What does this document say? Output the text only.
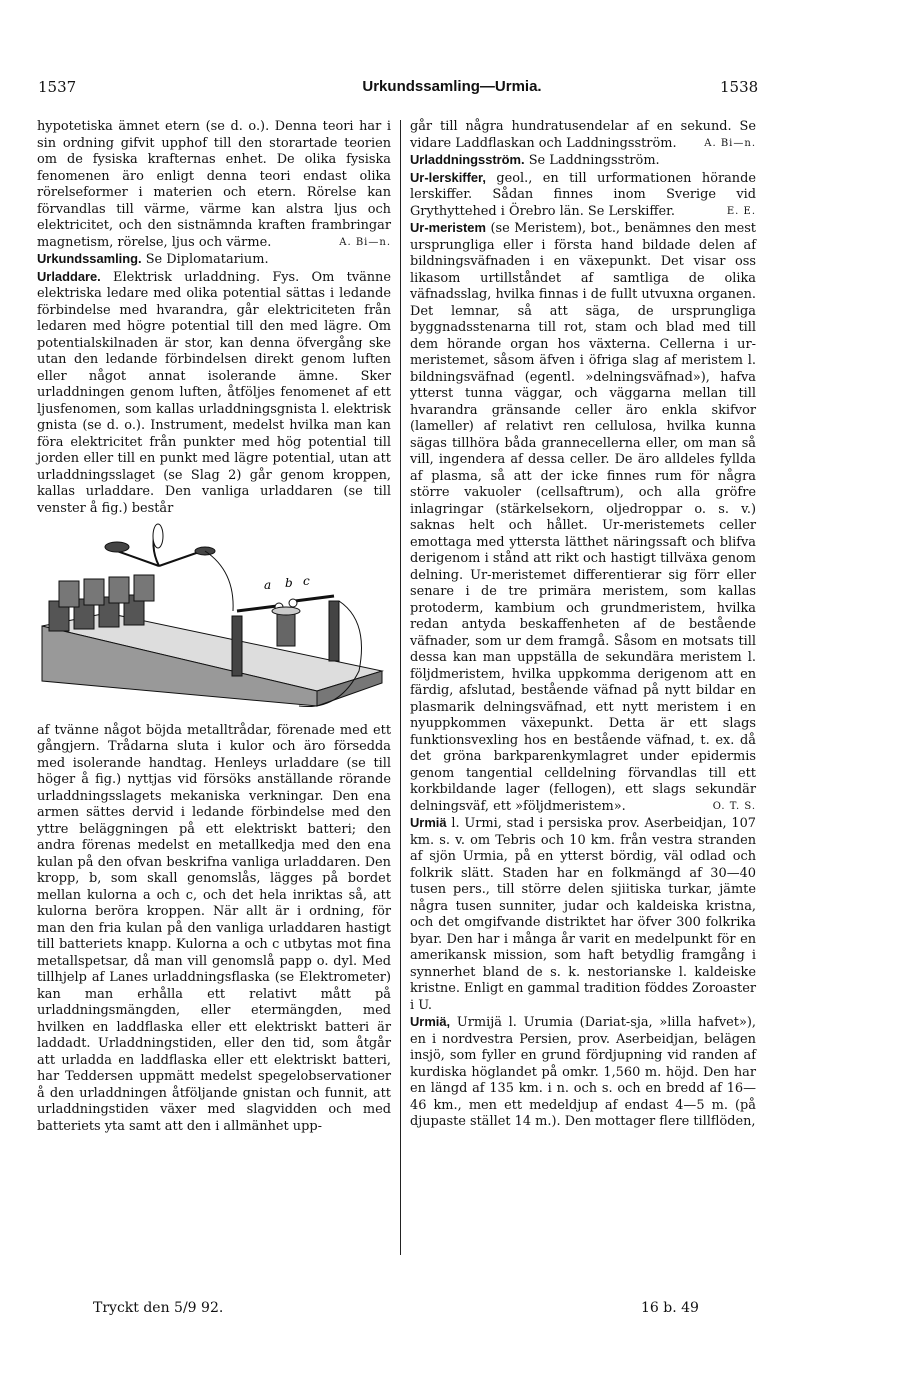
1537	Urkundssamling—Urmia.	1538

hypotetiska ämnet etern (se d. o.). Denna teori har i sin ordning gifvit upphof till den storartade teorien om de fysiska krafternas enhet. De olika fysiska fenomenen äro enligt denna teori endast olika rörelseformer i materien och etern. Rörelse kan förvandlas till värme, värme kan alstra ljus och elektricitet, och den sistnämnda kraften frambringar magnetism, rörelse, ljus och värme.	A. Bi—n.

Urkundssamling. Se Diplomatarium.

Urladdare. Elektrisk urladdning. Fys. Om tvänne elektriska ledare med olika potential sättas i ledande förbindelse med hvarandra, går elektriciteten från ledaren med högre potential till den med lägre. Om potentialskilnaden är stor, kan denna öfvergång ske utan den ledande förbindelsen direkt genom luften eller något annat isolerande ämne. Sker urladdningen genom luften, åtföljes fenomenet af ett ljusfenomen, som kallas urladdningsgnista l. elektrisk gnista (se d. o.). Instrument, medelst hvilka man kan föra elektricitet från punkter med hög potential till jorden eller till en punkt med lägre potential, utan att urladdningsslaget (se Slag 2) går genom kroppen, kallas urladdare. Den vanliga urladdaren (se till venster å fig.) består

a b c

af tvänne något böjda metalltrådar, förenade med ett gångjern. Trådarna sluta i kulor och äro försedda med isolerande handtag. Henleys urladdare (se till höger å fig.) nyttjas vid försöks anställande rörande urladdningsslagets mekaniska verkningar. Den ena armen sättes dervid i ledande förbindelse med den yttre beläggningen på ett elektriskt batteri; den andra förenas medelst en metallkedja med den ena kulan på den ofvan beskrifna vanliga urladdaren. Den kropp, b, som skall genomslås, lägges på bordet mellan kulorna a och c, och det hela inriktas så, att kulorna beröra kroppen. När allt är i ordning, för man den fria kulan på den vanliga urladdaren hastigt till batteriets knapp. Kulorna a och c utbytas mot fina metallspetsar, då man vill genomslå papp o. dyl. Med tillhjelp af Lanes urladdningsflaska (se Elektrometer) kan man erhålla ett relativt mått på urladdningsmängden, eller etermängden, med hvilken en laddflaska eller ett elektriskt batteri är laddadt. Urladdningstiden, eller den tid, som åtgår att urladda en laddflaska eller ett elektriskt batteri, har Teddersen uppmätt medelst spegelobservationer å den urladdningen åtföljande gnistan och funnit, att urladdningstiden växer med slagvidden och med batteriets yta samt att den i allmänhet upp-

går till några hundratusendelar af en sekund. Se vidare Laddflaskan och Laddningsström.	A. Bi—n.

Urladdningsström. Se Laddningsström.

Ur-lerskiffer, geol., en till urformationen hörande lerskiffer. Sådan finnes inom Sverige vid Grythyttehed i Örebro län. Se Lerskiffer.	E. E.

Ur-meristem (se Meristem), bot., benämnes den mest ursprungliga eller i första hand bildade delen af bildningsväfnaden i en växepunkt. Det visar oss likasom urtillståndet af samtliga de olika väfnadsslag, hvilka finnas i de fullt utvuxna organen. Det lemnar, så att säga, de ursprungliga byggnadsstenarna till rot, stam och blad med till dem hörande organ hos växterna. Cellerna i ur-meristemet, såsom äfven i öfriga slag af meristem l. bildningsväfnad (egentl. »delningsväfnad»), hafva ytterst tunna väggar, och väggarna mellan till hvarandra gränsande celler äro enkla skifvor (lameller) af relativt ren cellulosa, hvilka kunna sägas tillhöra båda grannecellerna eller, om man så vill, ingendera af dessa celler. De äro alldeles fyllda af plasma, så att der icke finnes rum för några större vakuoler (cellsaftrum), och alla gröfre inlagringar (stärkelsekorn, oljedroppar o. s. v.) saknas helt och hållet. Ur-meristemets celler emottaga med yttersta lätthet näringssaft och blifva derigenom i stånd att rikt och hastigt tillväxa genom delning. Ur-meristemet differentierar sig förr eller senare i de tre primära meristem, som kallas protoderm, kambium och grundmeristem, hvilka redan antyda beskaffenheten af de bestående väfnader, som ur dem framgå. Såsom en motsats till dessa kan man uppställa de sekundära meristem l. följdmeristem, hvilka uppkomma derigenom att en färdig, afslutad, bestående väfnad på nytt bildar en plasmarik delningsväfnad, ett nytt meristem i en nyuppkommen växepunkt. Detta är ett slags funktionsvexling hos en bestående väfnad, t. ex. då det gröna barkparenkymlagret under epidermis genom tangential celldelning förvandlas till ett korkbildande lager (fellogen), ett slags sekundär delningsväf, ett »följdmeristem».	O. T. S.

Urmiä l. Urmi, stad i persiska prov. Aserbeidjan, 107 km. s. v. om Tebris och 10 km. från vestra stranden af sjön Urmia, på en ytterst bördig, väl odlad och folkrik slätt. Staden har en folkmängd af 30—40 tusen pers., till större delen sjiitiska turkar, jämte några tusen sunniter, judar och kaldeiska kristna, och det omgifvande distriktet har öfver 300 folkrika byar. Den har i många år varit en medelpunkt för en amerikansk mission, som haft betydlig framgång i synnerhet bland de s. k. nestorianske l. kaldeiske kristne. Enligt en gammal tradition föddes Zoroaster i U.

Urmiä, Urmijä l. Urumia (Dariat-sja, »lilla hafvet»), en i nordvestra Persien, prov. Aserbeidjan, belägen insjö, som fyller en grund fördjupning vid randen af kurdiska höglandet på omkr. 1,560 m. höjd. Den har en längd af 135 km. i n. och s. och en bredd af 16—46 km., men ett medeldjup af endast 4—5 m. (på djupaste stället 14 m.). Den mottager flere tillflöden,

Tryckt den 5/9 92.	16 b. 49
